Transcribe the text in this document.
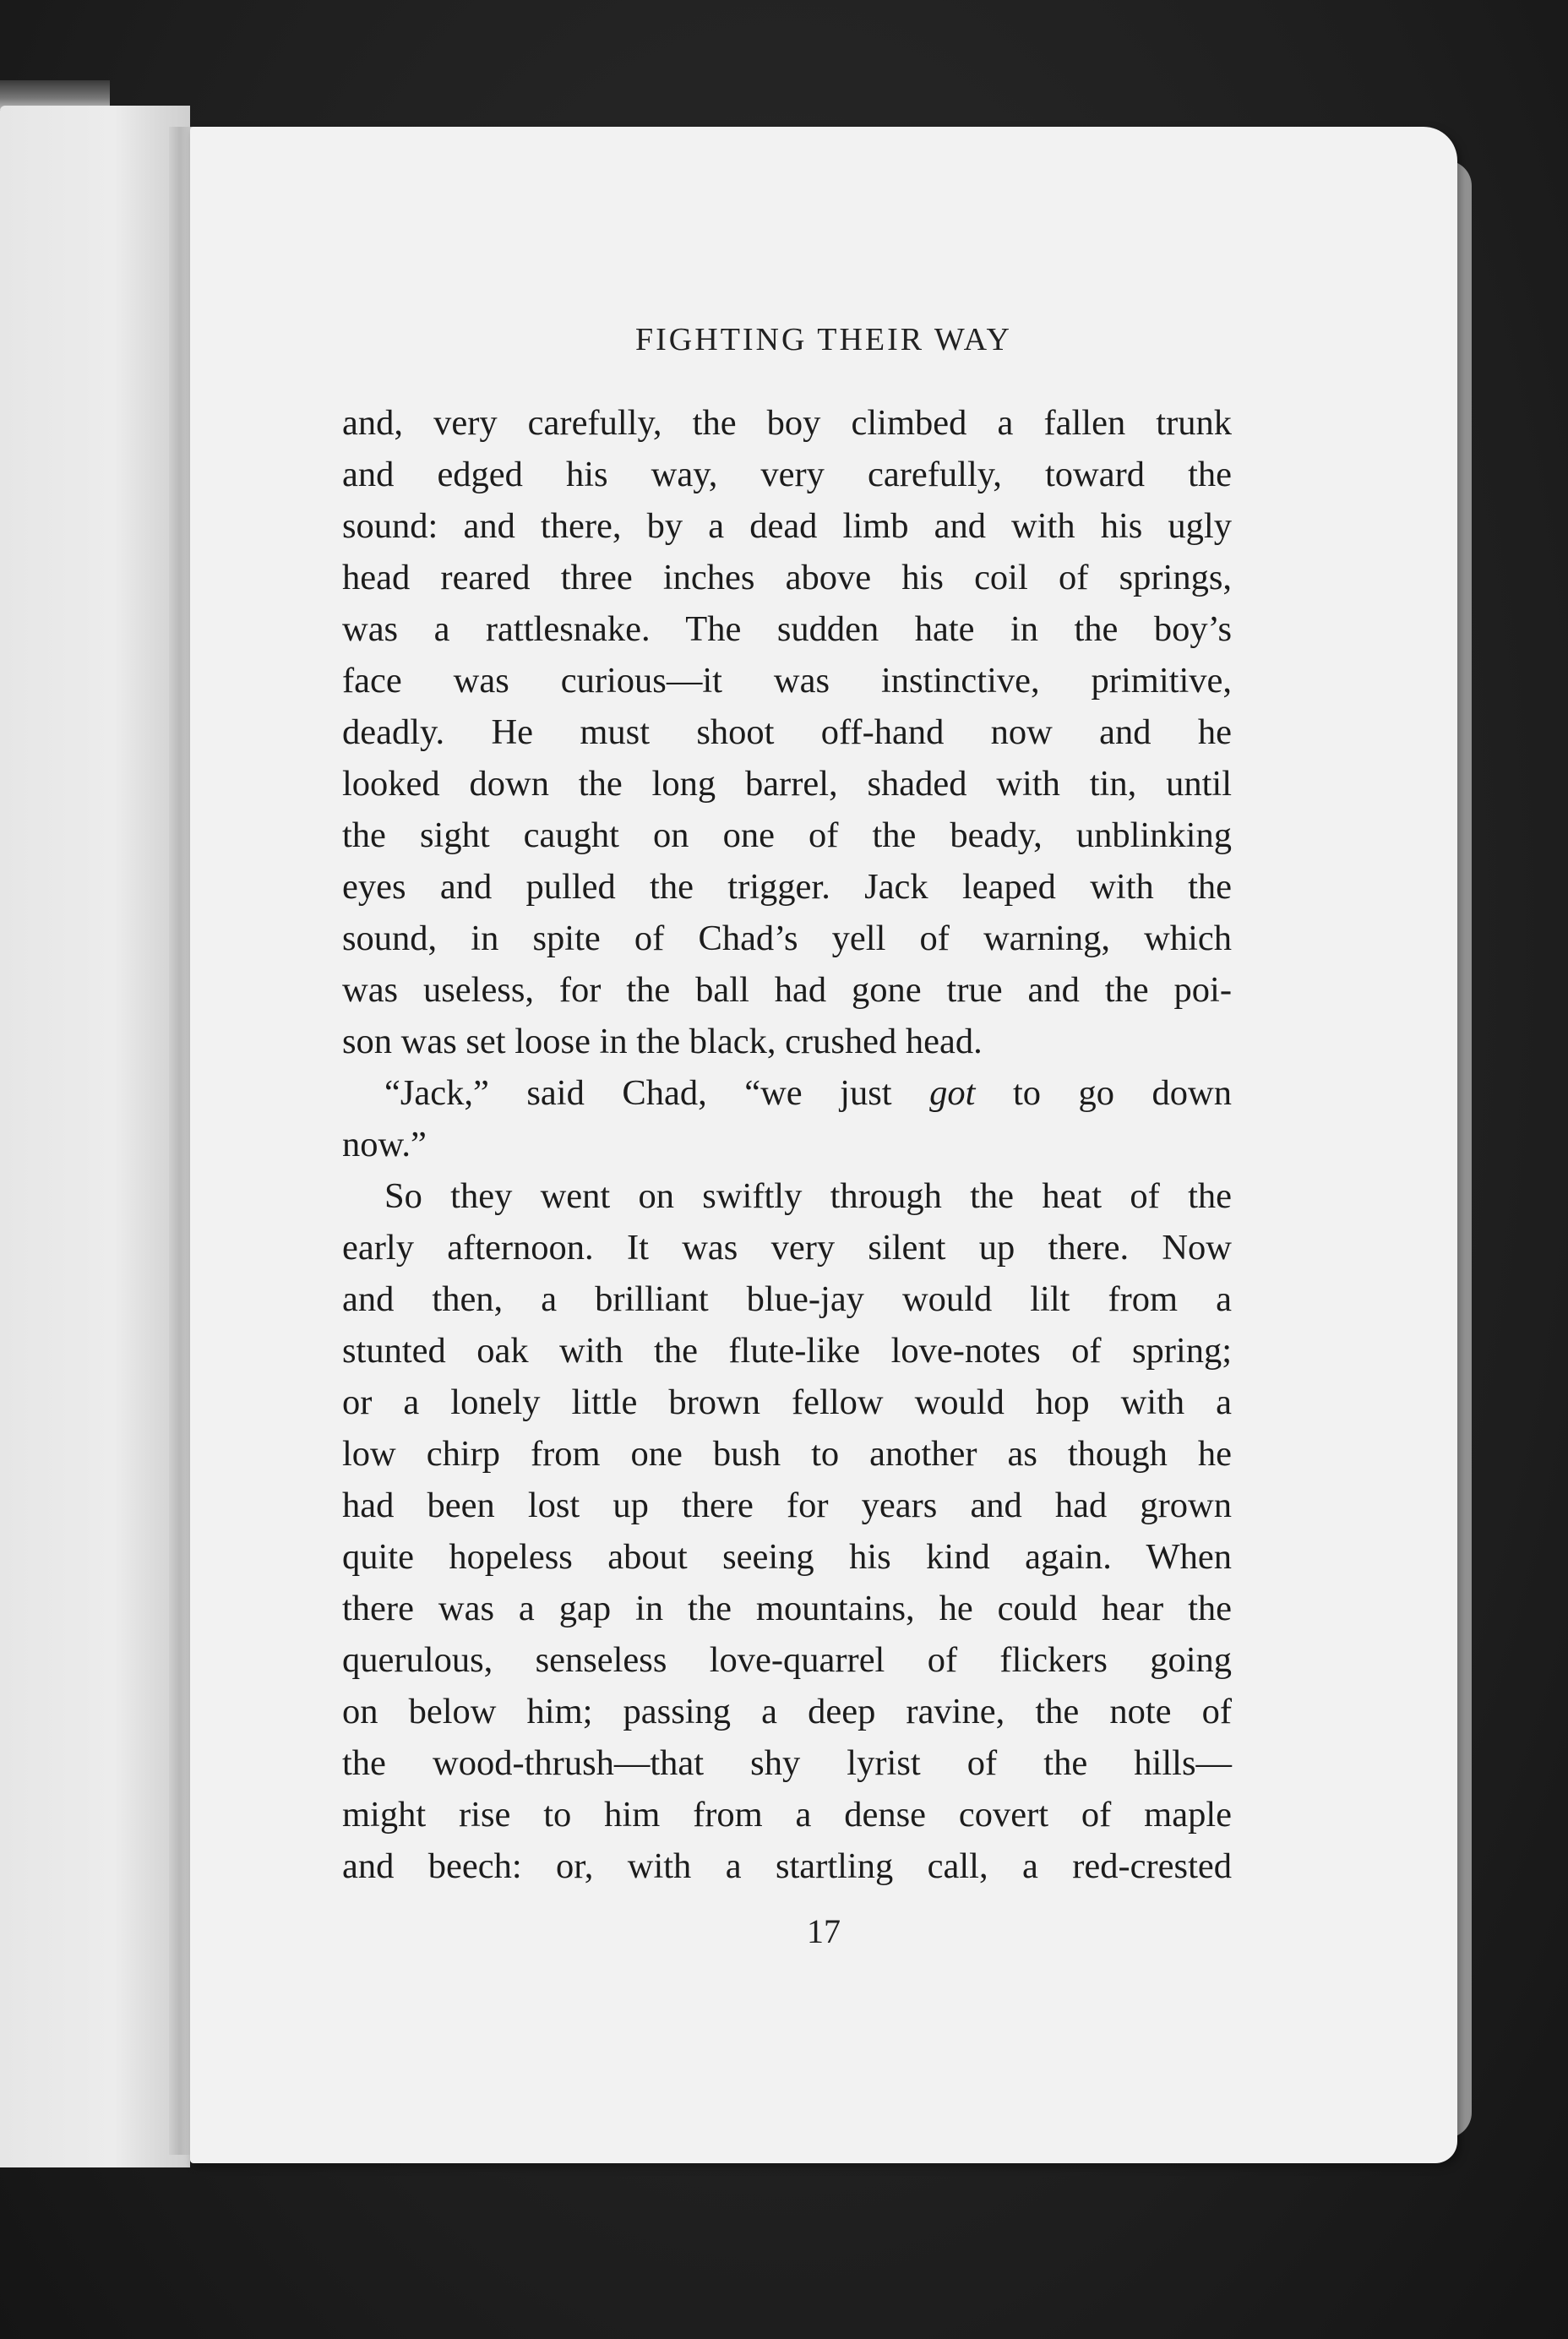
FIGHTING THEIR WAY
and, very carefully, the boy climbed a fallen trunk
and edged his way, very carefully, toward the
sound: and there, by a dead limb and with his ugly
head reared three inches above his coil of springs,
was a rattlesnake. The sudden hate in the boy’s
face was curious—it was instinctive, primitive,
deadly. He must shoot off-hand now and he
looked down the long barrel, shaded with tin, until
the sight caught on one of the beady, unblinking
eyes and pulled the trigger. Jack leaped with the
sound, in spite of Chad’s yell of warning, which
was useless, for the ball had gone true and the poi-
son was set loose in the black, crushed head.
“Jack,” said Chad, “we just got to go down
now.”
So they went on swiftly through the heat of the
early afternoon. It was very silent up there. Now
and then, a brilliant blue-jay would lilt from a
stunted oak with the flute-like love-notes of spring;
or a lonely little brown fellow would hop with a
low chirp from one bush to another as though he
had been lost up there for years and had grown
quite hopeless about seeing his kind again. When
there was a gap in the mountains, he could hear the
querulous, senseless love-quarrel of flickers going
on below him; passing a deep ravine, the note of
the wood-thrush—that shy lyrist of the hills—
might rise to him from a dense covert of maple
and beech: or, with a startling call, a red-crested
17
